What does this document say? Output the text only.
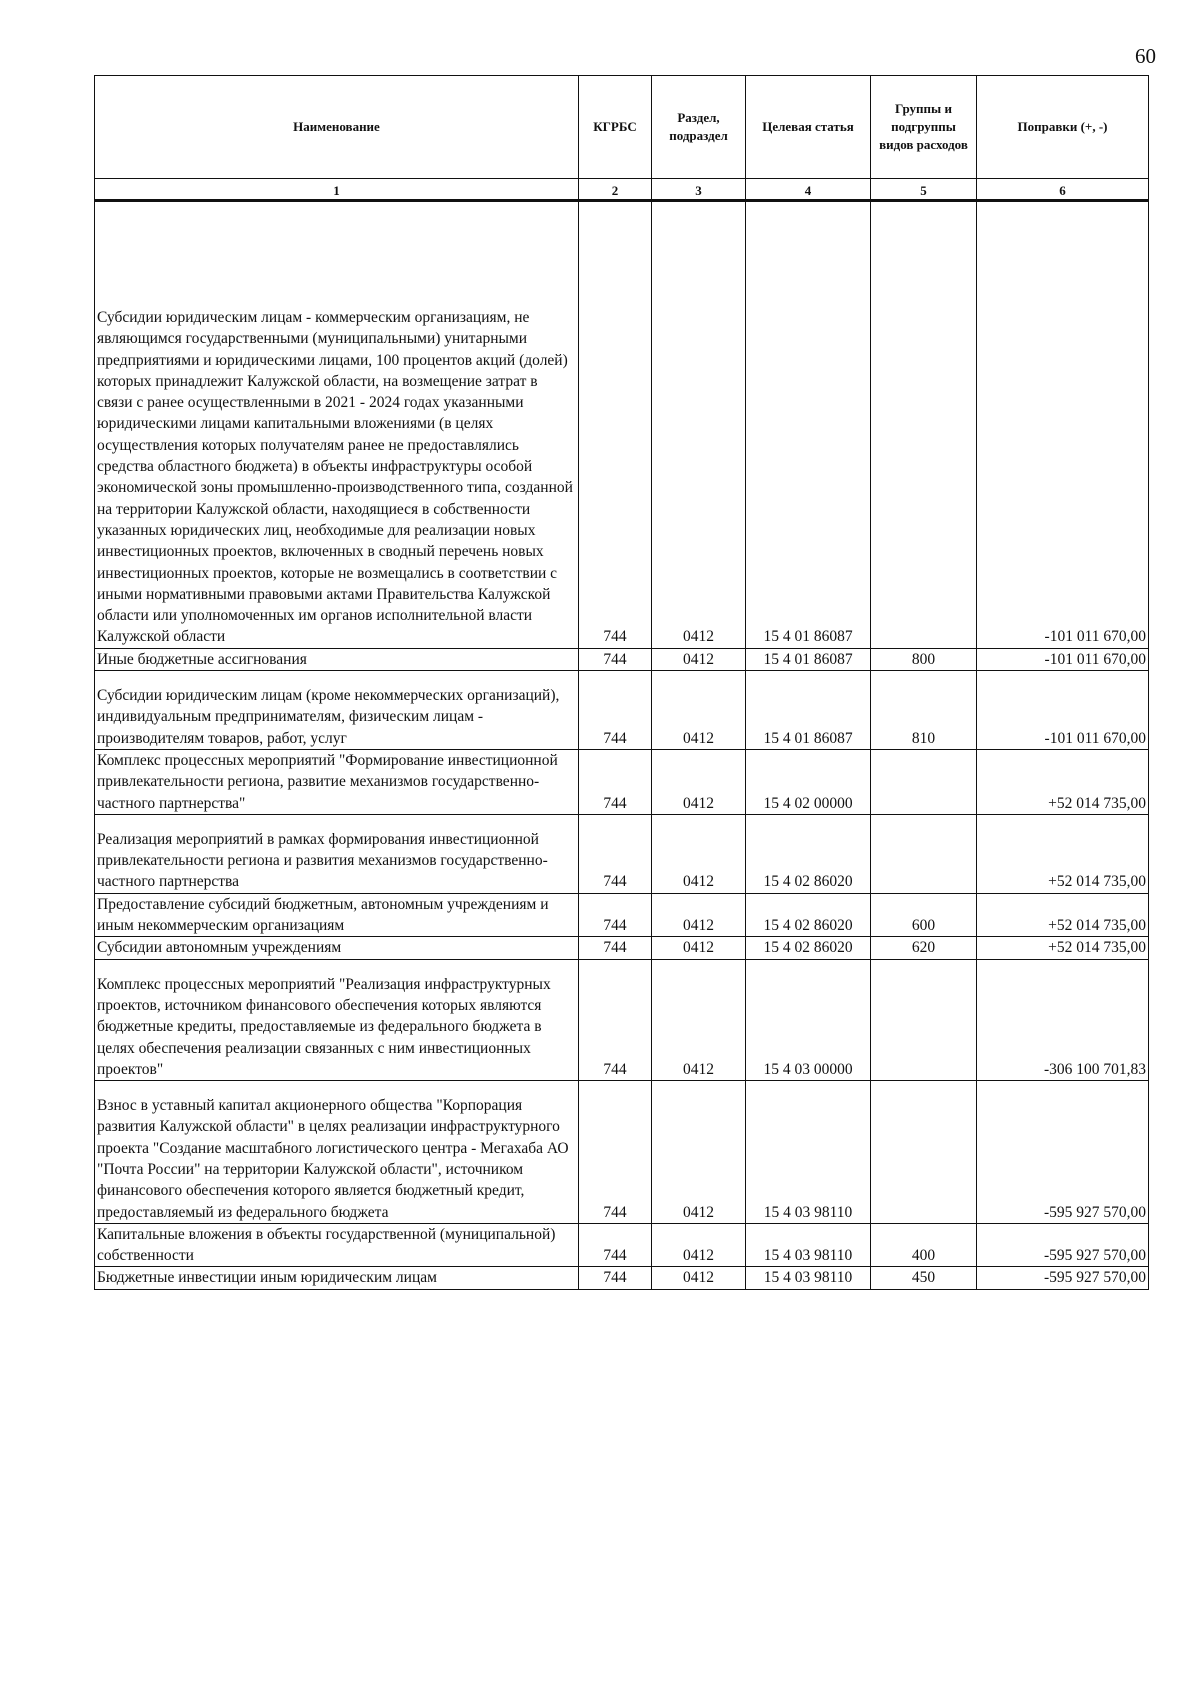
60
Наименование	КГРБС	Раздел, подраздел	Целевая статья	Группы и подгруппы видов расходов	Поправки (+, -)
1	2	3	4	5	6

Субсидии юридическим лицам - коммерческим организациям, не являющимся государственными (муниципальными) унитарными предприятиями и юридическими лицами, 100 процентов акций (долей) которых принадлежит Калужской области, на возмещение затрат в связи с ранее осуществленными в 2021 - 2024 годах указанными юридическими лицами капитальными вложениями (в целях осуществления которых получателям ранее не предоставлялись средства областного бюджета) в объекты инфраструктуры особой экономической зоны промышленно-производственного типа, созданной на территории Калужской области, находящиеся в собственности указанных юридических лиц, необходимые для реализации новых инвестиционных проектов, включенных в сводный перечень новых инвестиционных проектов, которые не возмещались в соответствии с иными нормативными правовыми актами Правительства Калужской области или уполномоченных им органов исполнительной власти Калужской области	744	0412	15 4 01 86087		-101 011 670,00
Иные бюджетные ассигнования	744	0412	15 4 01 86087	800	-101 011 670,00

Субсидии юридическим лицам (кроме некоммерческих организаций), индивидуальным предпринимателям, физическим лицам - производителям товаров, работ, услуг	744	0412	15 4 01 86087	810	-101 011 670,00
Комплекс процессных мероприятий "Формирование инвестиционной привлекательности региона, развитие механизмов государственно-частного партнерства"	744	0412	15 4 02 00000		+52 014 735,00

Реализация мероприятий в рамках формирования инвестиционной привлекательности региона и развития механизмов государственно-частного партнерства	744	0412	15 4 02 86020		+52 014 735,00
Предоставление субсидий бюджетным, автономным учреждениям и иным некоммерческим организациям	744	0412	15 4 02 86020	600	+52 014 735,00
Субсидии автономным учреждениям	744	0412	15 4 02 86020	620	+52 014 735,00

Комплекс процессных мероприятий "Реализация инфраструктурных проектов, источником финансового обеспечения которых являются бюджетные кредиты, предоставляемые из федерального бюджета в целях обеспечения реализации связанных с ним инвестиционных проектов"	744	0412	15 4 03 00000		-306 100 701,83

Взнос в уставный капитал акционерного общества "Корпорация развития Калужской области" в целях реализации инфраструктурного проекта "Создание масштабного логистического центра - Мегахаба АО "Почта России" на территории Калужской области", источником финансового обеспечения которого является бюджетный кредит, предоставляемый из федерального бюджета	744	0412	15 4 03 98110		-595 927 570,00
Капитальные вложения в объекты государственной (муниципальной) собственности	744	0412	15 4 03 98110	400	-595 927 570,00
Бюджетные инвестиции иным юридическим лицам	744	0412	15 4 03 98110	450	-595 927 570,00
